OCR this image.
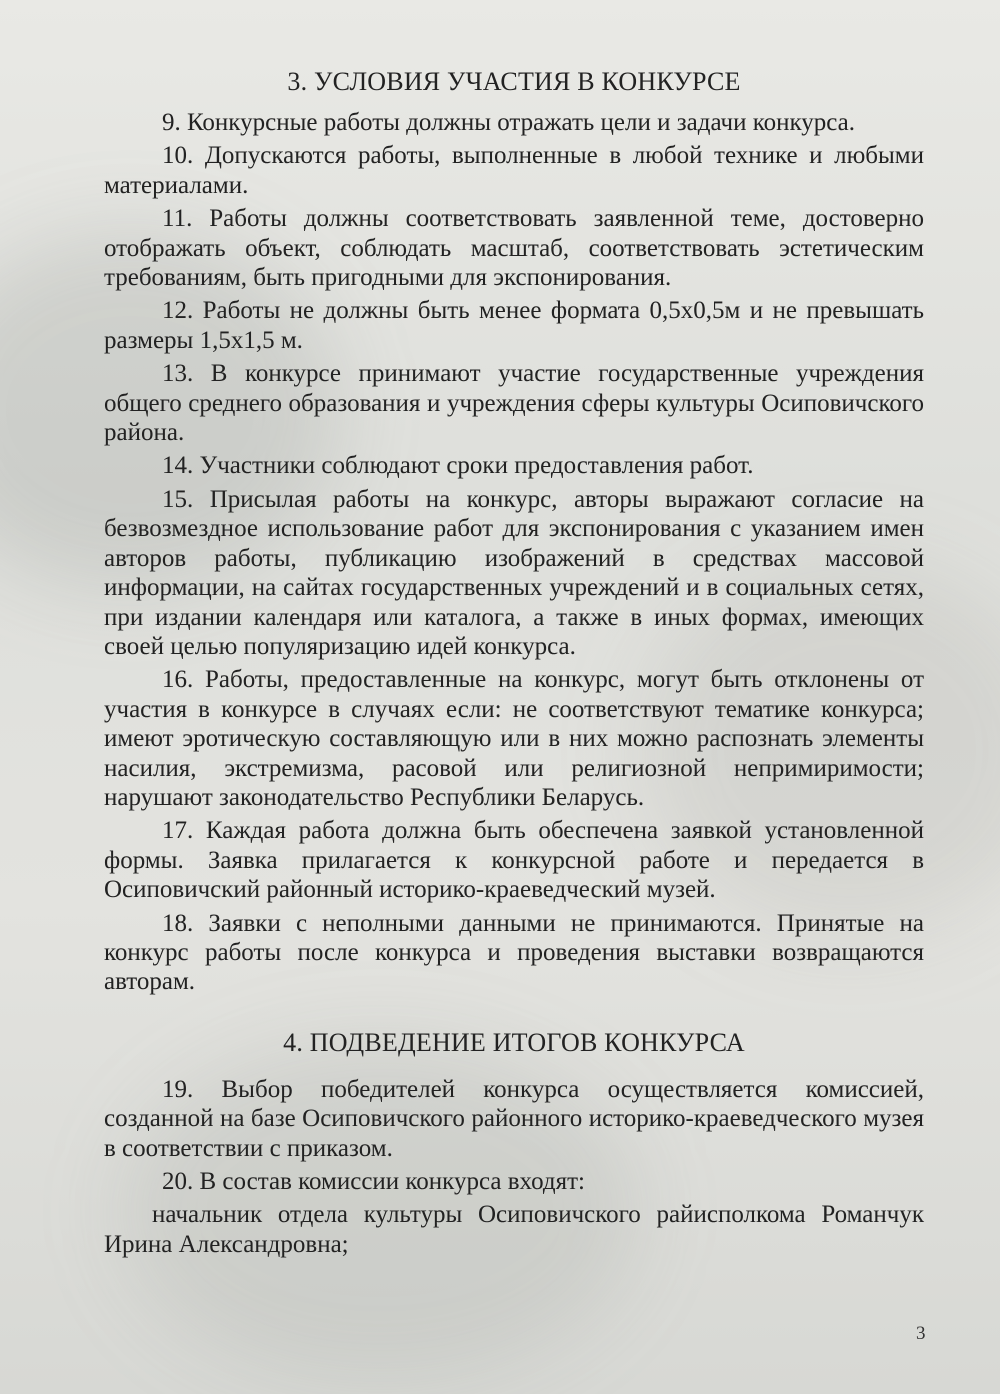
3. УСЛОВИЯ УЧАСТИЯ В КОНКУРСЕ

9. Конкурсные работы должны отражать цели и задачи конкурса.

10. Допускаются работы, выполненные в любой технике и любыми материалами.

11. Работы должны соответствовать заявленной теме, достоверно отображать объект, соблюдать масштаб, соответствовать эстетическим требованиям, быть пригодными для экспонирования.

12. Работы не должны быть менее формата 0,5х0,5м и не превышать размеры 1,5х1,5 м.

13. В конкурсе принимают участие государственные учреждения общего среднего образования и учреждения сферы культуры Осиповичского района.

14. Участники соблюдают сроки предоставления работ.

15. Присылая работы на конкурс, авторы выражают согласие на безвозмездное использование работ для экспонирования с указанием имен авторов работы, публикацию изображений в средствах массовой информации, на сайтах государственных учреждений и в социальных сетях, при издании календаря или каталога, а также в иных формах, имеющих своей целью популяризацию идей конкурса.

16. Работы, предоставленные на конкурс, могут быть отклонены от участия в конкурсе в случаях если: не соответствуют тематике конкурса; имеют эротическую составляющую или в них можно распознать элементы насилия, экстремизма, расовой или религиозной непримиримости; нарушают законодательство Республики Беларусь.

17. Каждая работа должна быть обеспечена заявкой установленной формы. Заявка прилагается к конкурсной работе и передается в Осиповичский районный историко-краеведческий музей.

18. Заявки с неполными данными не принимаются. Принятые на конкурс работы после конкурса и проведения выставки возвращаются авторам.

4. ПОДВЕДЕНИЕ ИТОГОВ КОНКУРСА

19. Выбор победителей конкурса осуществляется комиссией, созданной на базе Осиповичского районного историко-краеведческого музея в соответствии с приказом.

20. В состав комиссии конкурса входят:

начальник отдела культуры Осиповичского райисполкома Романчук Ирина Александровна;

3
